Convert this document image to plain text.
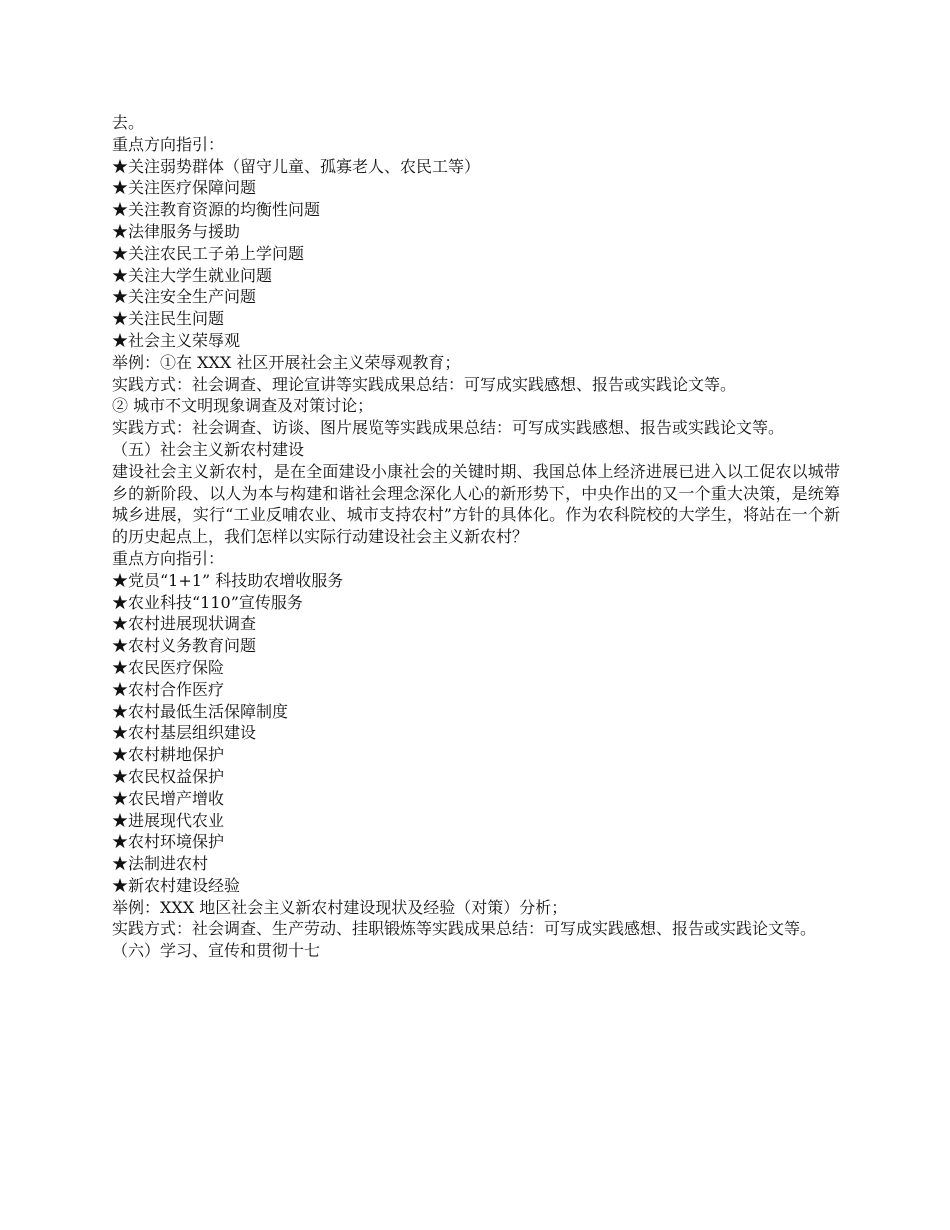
去。
重点方向指引：
★关注弱势群体（留守儿童、孤寡老人、农民工等）
★关注医疗保障问题
★关注教育资源的均衡性问题
★法律服务与援助
★关注农民工子弟上学问题
★关注大学生就业问题
★关注安全生产问题
★关注民生问题
★社会主义荣辱观
举例：①在 XXX 社区开展社会主义荣辱观教育；
实践方式：社会调查、理论宣讲等实践成果总结：可写成实践感想、报告或实践论文等。
② 城市不文明现象调查及对策讨论；
实践方式：社会调查、访谈、图片展览等实践成果总结：可写成实践感想、报告或实践论文等。
（五）社会主义新农村建设
建设社会主义新农村，是在全面建设小康社会的关键时期、我国总体上经济进展已进入以工促农以城带乡的新阶段、以人为本与构建和谐社会理念深化人心的新形势下，中央作出的又一个重大决策，是统筹城乡进展，实行“工业反哺农业、城市支持农村”方针的具体化。作为农科院校的大学生，将站在一个新的历史起点上，我们怎样以实际行动建设社会主义新农村？
重点方向指引：
★党员“1+1” 科技助农增收服务
★农业科技“110”宣传服务
★农村进展现状调查
★农村义务教育问题
★农民医疗保险
★农村合作医疗
★农村最低生活保障制度
★农村基层组织建设
★农村耕地保护
★农民权益保护
★农民增产增收
★进展现代农业
★农村环境保护
★法制进农村
★新农村建设经验
举例：XXX 地区社会主义新农村建设现状及经验（对策）分析；
实践方式：社会调查、生产劳动、挂职锻炼等实践成果总结：可写成实践感想、报告或实践论文等。
（六）学习、宣传和贯彻十七
